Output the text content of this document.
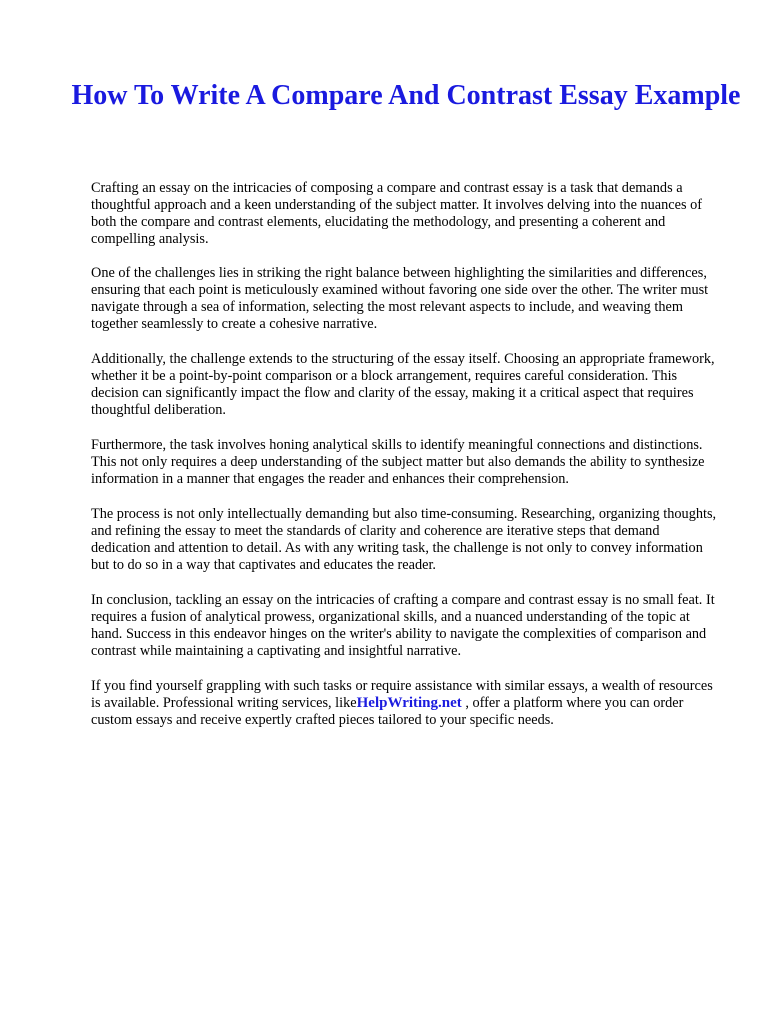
How To Write A Compare And Contrast Essay Example

Crafting an essay on the intricacies of composing a compare and contrast essay is a task that demands a thoughtful approach and a keen understanding of the subject matter. It involves delving into the nuances of both the compare and contrast elements, elucidating the methodology, and presenting a coherent and compelling analysis.

One of the challenges lies in striking the right balance between highlighting the similarities and differences, ensuring that each point is meticulously examined without favoring one side over the other. The writer must navigate through a sea of information, selecting the most relevant aspects to include, and weaving them together seamlessly to create a cohesive narrative.

Additionally, the challenge extends to the structuring of the essay itself. Choosing an appropriate framework, whether it be a point-by-point comparison or a block arrangement, requires careful consideration. This decision can significantly impact the flow and clarity of the essay, making it a critical aspect that requires thoughtful deliberation.

Furthermore, the task involves honing analytical skills to identify meaningful connections and distinctions. This not only requires a deep understanding of the subject matter but also demands the ability to synthesize information in a manner that engages the reader and enhances their comprehension.

The process is not only intellectually demanding but also time-consuming. Researching, organizing thoughts, and refining the essay to meet the standards of clarity and coherence are iterative steps that demand dedication and attention to detail. As with any writing task, the challenge is not only to convey information but to do so in a way that captivates and educates the reader.

In conclusion, tackling an essay on the intricacies of crafting a compare and contrast essay is no small feat. It requires a fusion of analytical prowess, organizational skills, and a nuanced understanding of the topic at hand. Success in this endeavor hinges on the writer's ability to navigate the complexities of comparison and contrast while maintaining a captivating and insightful narrative.

If you find yourself grappling with such tasks or require assistance with similar essays, a wealth of resources is available. Professional writing services, likeHelpWriting.net , offer a platform where you can order custom essays and receive expertly crafted pieces tailored to your specific needs.
